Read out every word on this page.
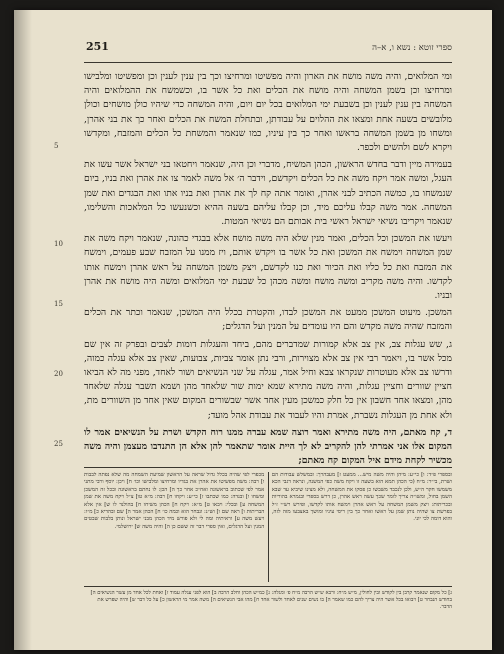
251	ספרי זוטא : נשא ו, א–ה
5
10
15
20
25

ומי המלואים, והיה משה מושח את הארון והיה מפשיטו ומרחיצו וכך בין ענין לענין וכן ומפשיטו ומלבישו ומרחיצו וכן בשמן המשחה והיה מושח את הכלים ואת כל אשר בו, וכשמשח את ההמלואים והיה המשחה בין ענין לענין וכן בשבעת ימי המלואים בכל יום ויום, והיה המשחה כדי שיהיו כולן מושחים וכולן מלובשים בשעה אחת ומצאו את ההלוים על עבודתן, ובתחלת המשח את הכלים ואחר כך את בני אהרן, ומשחו מן בשמן המשחה בראשו ואחר כך בין עיניו, כמו שנאמר והמשחת כל הכלים והמזבח, ומקדשו ויקרא לשם ולהשים ולכפר.

בעמידה מיין ודבר בחדש הראשון, הכהן המשיח, מדברי וכן היה, שנאמר ויחטאו בני ישראל אשר עשו את העגל, ומשה אמר ויקח משה את כל הכלים ויקדשם, וידבר ה׳ אל משה לאמר צו את אהרן ואת בניו, ביום שנמשחו בו, כמשה הכתיב לבני אהרן, ואומר אתה קח לך את אהרן ואת בניו אתו ואת הבגדים ואת שמן המשחה. אמר משה קבלו עליכם מיד, וכן קבלו עליהם בשעה ההיא וכשנעשו כל המלאכות והשלימו, שנאמר ויקריבו נשיאי ישראל ראשי בית אבותם הם נשיאי המטות.

ויעשו את המשכן וכל הכלים, ואמר מנין שלא היה משה מושח אלא בבגדי כהונה, שנאמר ויקח משה את שמן המשחה וימשח את המשכן ואת כל אשר בו ויקדש אותם, ויז ממנו על המזבח שבע פעמים, וימשח את המזבח ואת כל כליו ואת הכיור ואת כנו לקדשם, ויצק משמן המשחה על ראש אהרן וימשח אותו לקדשו. והיה משה מקריב ומשה מושח ומשה מכהן כל שבעת ימי המלואים ומשה היה מושח את אהרן ובניו.

המשכן. מיעוט המשכן ממעט את המשכן לבדו, והקטרת בכלל היה המשכן, שנאמר וכתר את הכלים והמזבח שהיה משה מקדש והם היו עומדים על המנין ועל הדגלים;

ג, שש עגלות צב, אין צב אלא קמורות שמדברים מהם, ביחד והעגלות דומות לצבים ובפרק זה אין שם מכל אשר בו, ויאמר רבי אין צב אלא מצוירות, ורבי נתן אומר צביות, צבועות, שאין צב אלא עגלה כמוה, ודרשו צב אלא מעוטרות שנקראו צבא וחיל אמר, עגלה על שני הנשיאים ושור לאחד, מפני מה לא הביאו חציין שוורים וחציין עגלות, והיה משה מתירא שמא ימות שור שלאחד מהן ושמא תשבר עגלה שלאחד מהן, ומצאו אחד חשבון אין כל חלק כמשכן מעין אחד אשר שבשורים המקום שאין אחד מן השוורים מת, ולא אחת מן העגלות נשברת, אמרת והיו לעבוד את עבודת אהל מועד;

ד, קח מאתם, היה משה מתירא ואמר רוצה שמא עברה ממנו רוח הקדש ושרת על הנשיאים אמר לו המקום אלו אני אמרתי להן להקריב לא לך היית אומר שתאמר להן אלא הן התנדבו מעצמן והיה משה מכשיר לקחת מידם איל המקום קח מאתם;

ובספרי פ״ד: ו] כי״ע: מיהן והיה משה מיש... ממעט ז] מעבהרך: ובמשלש עבודות הם ושרת, בי״ר: מ״ח (כי הכהן תמא הוא בשעה זו ויקח משה כפי המשנה, ונראה דגבי הכא משמשו חקר ה״ש, ולכן לנכבד משבשו כן פסקו את המשחה, ולא מצינו שיביא עד שבא השמן בחול, ומשו״ה צריך לומר שכך עשה ראש אהרן, כן דרש בספרי ובגמרא בהוריות ובכריתות: ויצק משמן המשחה על ראש אהרן וימשח אותו לקדשו, ופירש רש״י ז״ל בפרשת צו שהיה נותן שמן על ראשו ואחר כך בין ריסי עיניו ומושך באצבעו מזה לזה, והוא דומה לכי יוני.
מכפרי לפי שהיה בכלל גדול שראה על הראשון שמיעת השמחה מה שלא נפתה לבבות ו] רבה: משה מפשיטו את אהרן את בגדיו ומרחיצו ומלבישו וכו׳ ח] ויכן: יוסף ורבי מתני אמר לפי שכתוב בראשונה ואח״כ אחר כך ה] הכן: לו נחתם בראשונה ובכל זה המשכן ומשחו ו] ובנדה: כמו שכתבו ז] כי״ע: ויקחו ח] רבה: מ״א טו] צ״ל ויקח משה את שמן המשחה ע] ובכלי: ויבאו ט] מ״א: ויקח ח] הכהן משיחו ח] בהולנד לו ש] אין אלא הבריתות ו] ראה שם ו] וש״נ: ונבחר הוא וכמה כו׳ ח] הכהן אמר ה] שם ובהדיא כ] מ״ו: ויעש משה ע] וראיתיה ומה לי ולא פורש מיד הכהן מבני ישראל ונותן בלבות שבטים המנין ועל הדגלים, ואין ספרי דבר זה ששם כן ה] והיה משה ש] ירושלמי.
ג] כל מקום שנאמר קרבן בין לקודש ובין לחולין, מ״ש מ״ח: ורבא ש״ש הרבה מ״ח פ׳ ומגלה: נ] כמ״ש הכהן וחלב הרבה ב] הוא לפני עגלה עמוד ז] ואחת לכל אחד מן עשר הנשיאים ה] בחודש הנבחר ט] ויבואו בכל אשר היה צריך להם כמו שאמר ה] בו נשים שנים לאחד ולשור אחד ח] מהו אבי הנשיאים ה] משה אמר מי הראשון כ] על כל דבר ש] והיה שפרש את הדבר.
